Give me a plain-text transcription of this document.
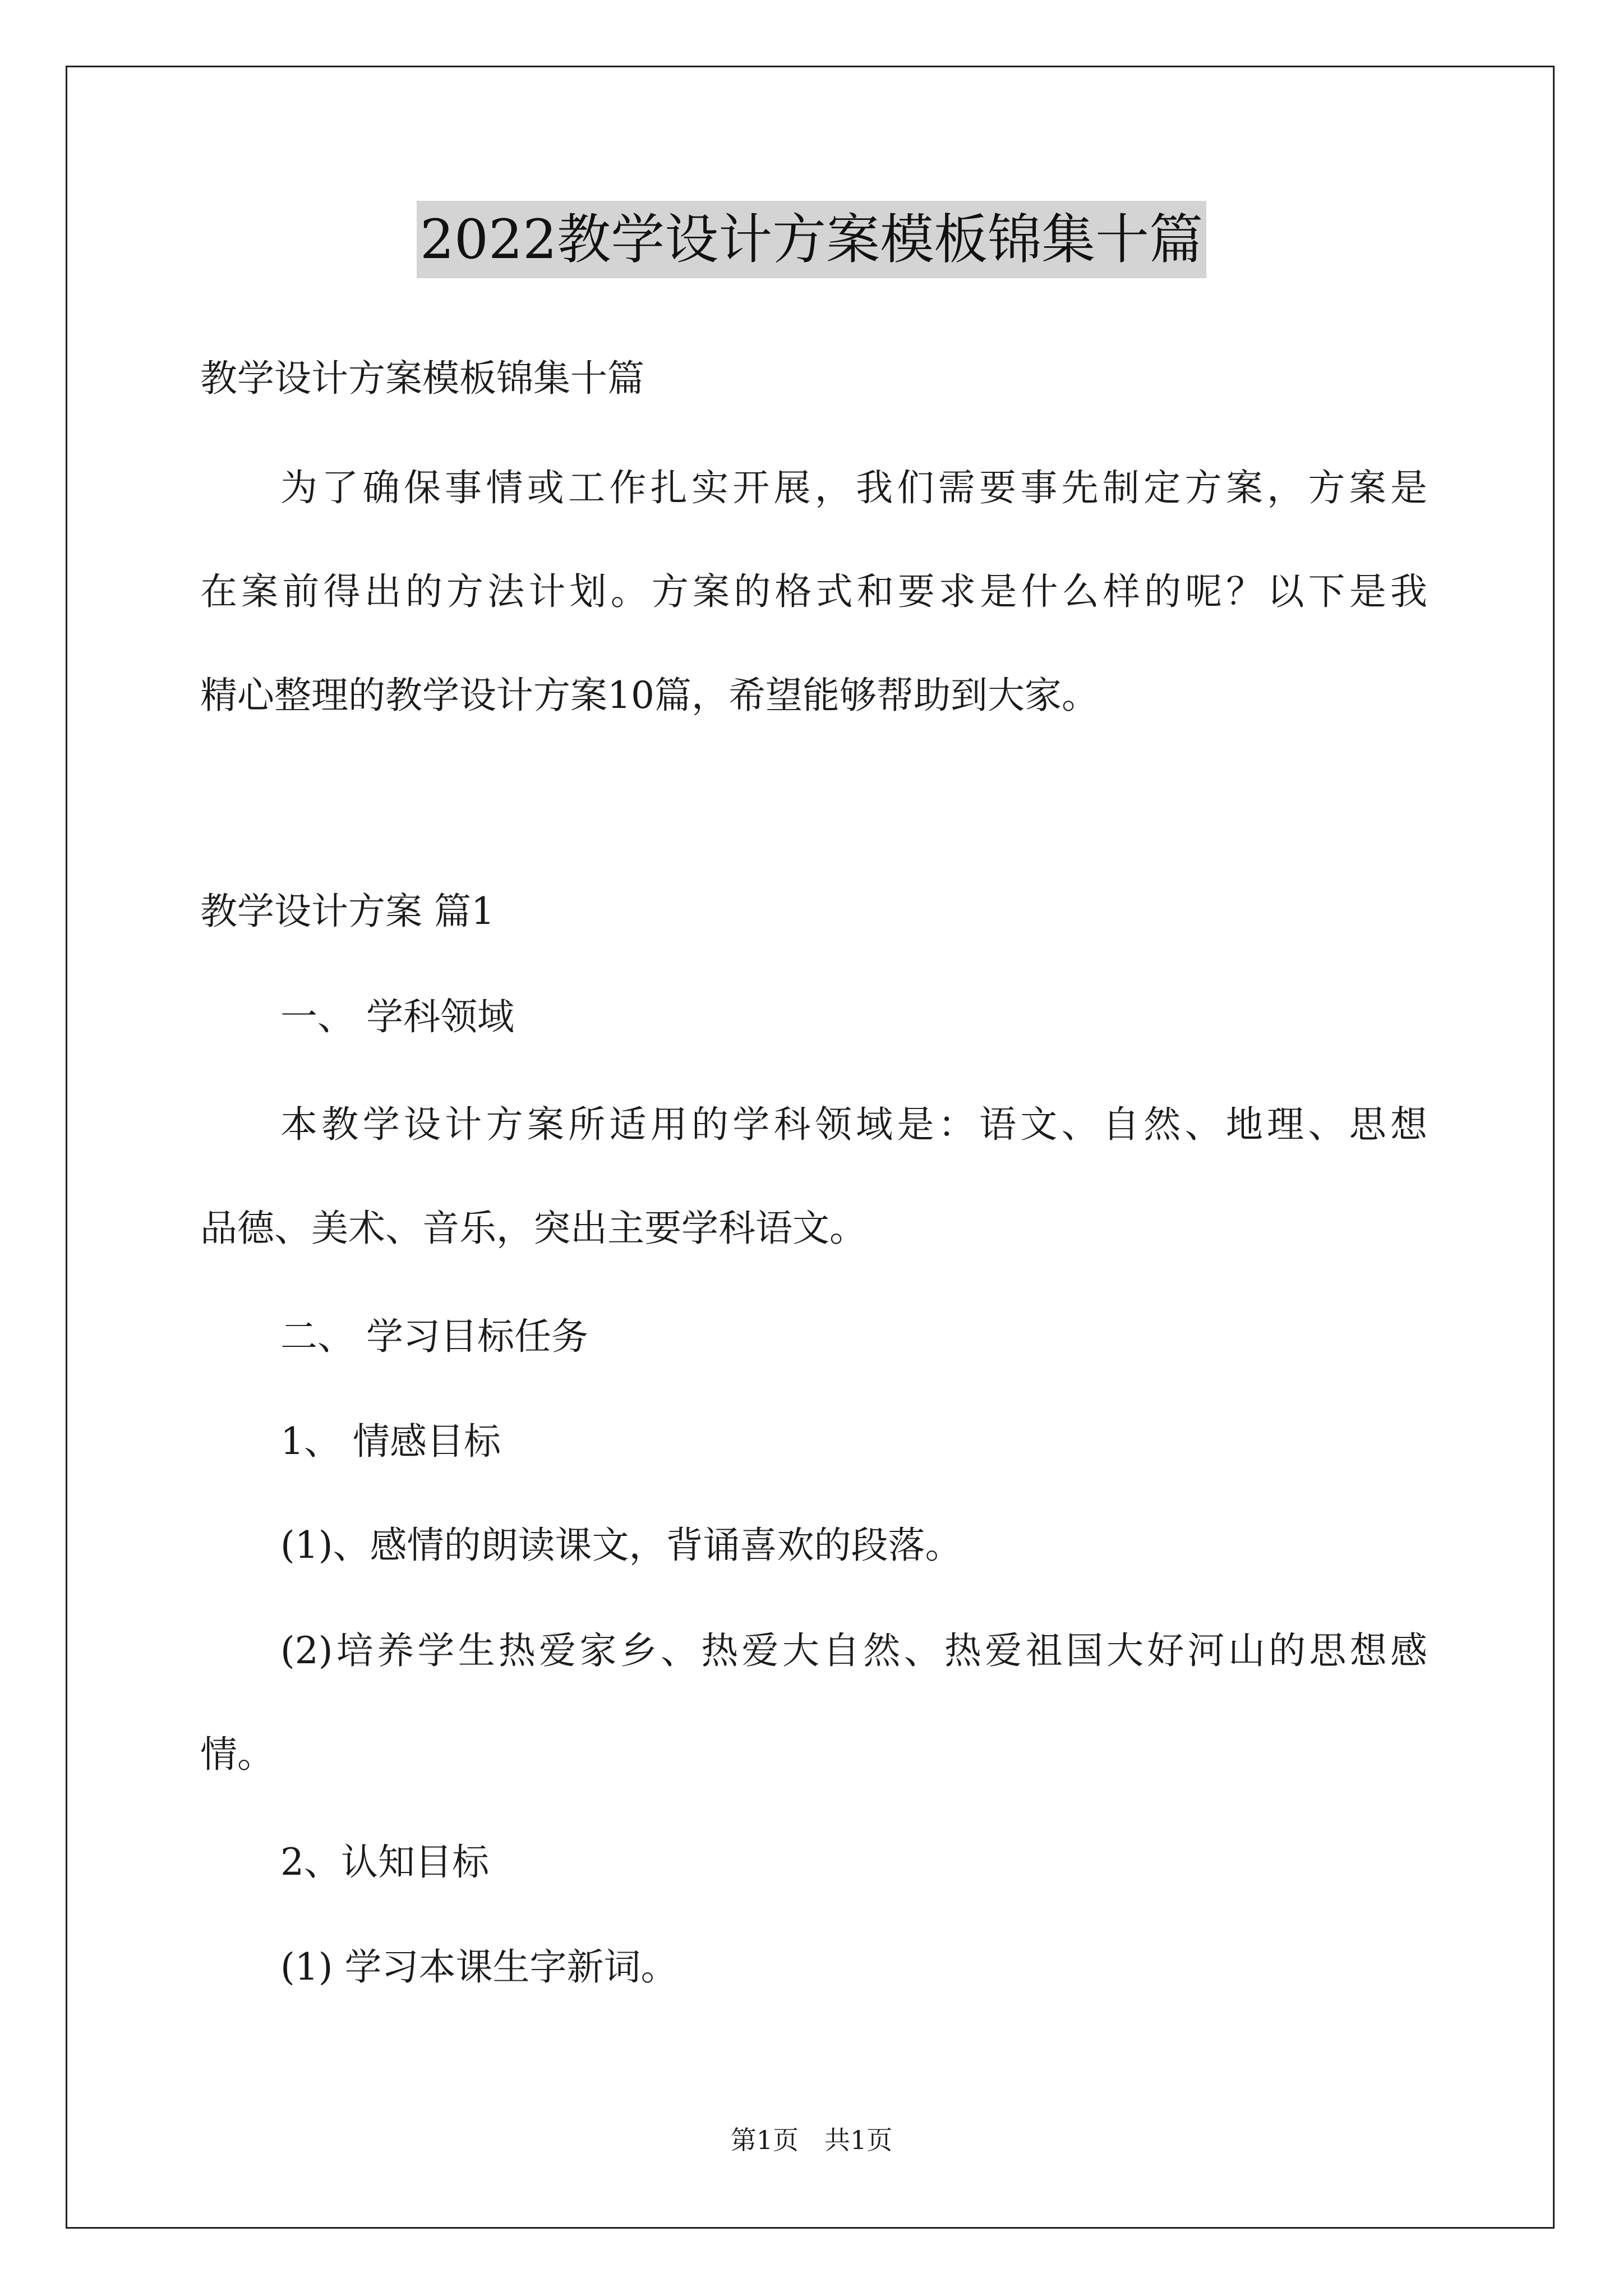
2022教学设计方案模板锦集十篇
教学设计方案模板锦集十篇
为了确保事情或工作扎实开展，我们需要事先制定方案，方案是
在案前得出的方法计划。方案的格式和要求是什么样的呢？以下是我
精心整理的教学设计方案10篇，希望能够帮助到大家。
教学设计方案 篇1
一、 学科领域
本教学设计方案所适用的学科领域是：语文、自然、地理、思想
品德、美术、音乐，突出主要学科语文。
二、 学习目标任务
1、 情感目标
(1)、感情的朗读课文，背诵喜欢的段落。
(2)培养学生热爱家乡、热爱大自然、热爱祖国大好河山的思想感
情。
2、认知目标
(1) 学习本课生字新词。
第1页　共1页
